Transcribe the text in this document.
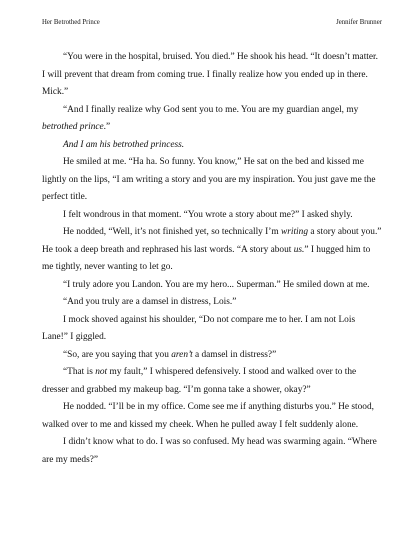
Her Betrothed Prince	Jennifer Brunner

“You were in the hospital, bruised. You died.” He shook his head. “It doesn’t matter. I will prevent that dream from coming true. I finally realize how you ended up in there. Mick.”

“And I finally realize why God sent you to me. You are my guardian angel, my betrothed prince.”

And I am his betrothed princess.

He smiled at me. “Ha ha. So funny. You know,” He sat on the bed and kissed me lightly on the lips, “I am writing a story and you are my inspiration. You just gave me the perfect title.

I felt wondrous in that moment. “You wrote a story about me?” I asked shyly.

He nodded, “Well, it’s not finished yet, so technically I’m writing a story about you.” He took a deep breath and rephrased his last words. “A story about us.” I hugged him to me tightly, never wanting to let go.

“I truly adore you Landon. You are my hero... Superman.” He smiled down at me.

“And you truly are a damsel in distress, Lois.”

I mock shoved against his shoulder, “Do not compare me to her. I am not Lois Lane!” I giggled.

“So, are you saying that you aren’t a damsel in distress?”

“That is not my fault,” I whispered defensively. I stood and walked over to the dresser and grabbed my makeup bag. “I’m gonna take a shower, okay?”

He nodded. “I’ll be in my office. Come see me if anything disturbs you.” He stood, walked over to me and kissed my cheek. When he pulled away I felt suddenly alone.

I didn’t know what to do. I was so confused. My head was swarming again. “Where are my meds?”
